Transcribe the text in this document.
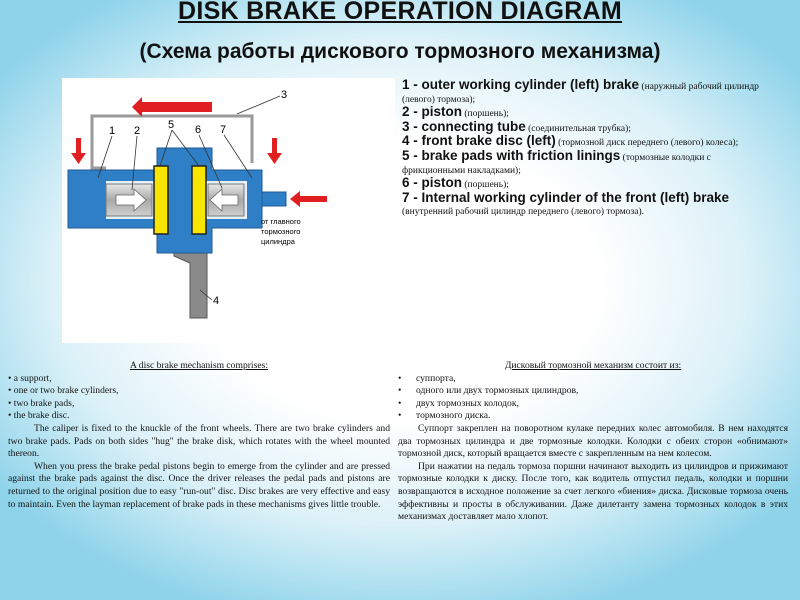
DISK BRAKE OPERATION DIAGRAM
(Схема работы дискового тормозного механизма)
1 2	5 6 7
3
4
от главного
тормозного
цилиндра

1 - outer working cylinder (left) brake (наружный рабочий цилиндр (левого) тормоза);

2 - piston (поршень);

3 - connecting tube (соединительная трубка);

4 - front brake disc (left) (тормозной диск переднего (левого) колеса);

5 - brake pads with friction linings (тормозные колодки с фрикционными накладками);

6 - piston (поршень);

7 - Internal working cylinder of the front (left) brake (внутренний рабочий цилиндр переднего (левого) тормоза).

A disc brake mechanism comprises:
• a support,
• one or two brake cylinders,
• two brake pads,
• the brake disc.

The caliper is fixed to the knuckle of the front wheels. There are two brake cylinders and two brake pads. Pads on both sides "hug" the brake disk, which rotates with the wheel mounted thereon.

When you press the brake pedal pistons begin to emerge from the cylinder and are pressed against the brake pads against the disc. Once the driver releases the pedal pads and pistons are returned to the original position due to easy "run-out" disc. Disc brakes are very effective and easy to maintain. Even the layman replacement of brake pads in these mechanisms gives little trouble.

Дисковый тормозной механизм состоит из:
• суппорта,
• одного или двух тормозных цилиндров,
• двух тормозных колодок,
• тормозного диска.

Суппорт закреплен на поворотном кулаке передних колес автомобиля. В нем находятся два тормозных цилиндра и две тормозные колодки. Колодки с обеих сторон «обнимают» тормозной диск, который вращается вместе с закрепленным на нем колесом.

При нажатии на педаль тормоза поршни начинают выходить из цилиндров и прижимают тормозные колодки к диску. После того, как водитель отпустил педаль, колодки и поршни возвращаются в исходное положение за счет легкого «биения» диска. Дисковые тормоза очень эффективны и просты в обслуживании. Даже дилетанту замена тормозных колодок в этих механизмах доставляет мало хлопот.
